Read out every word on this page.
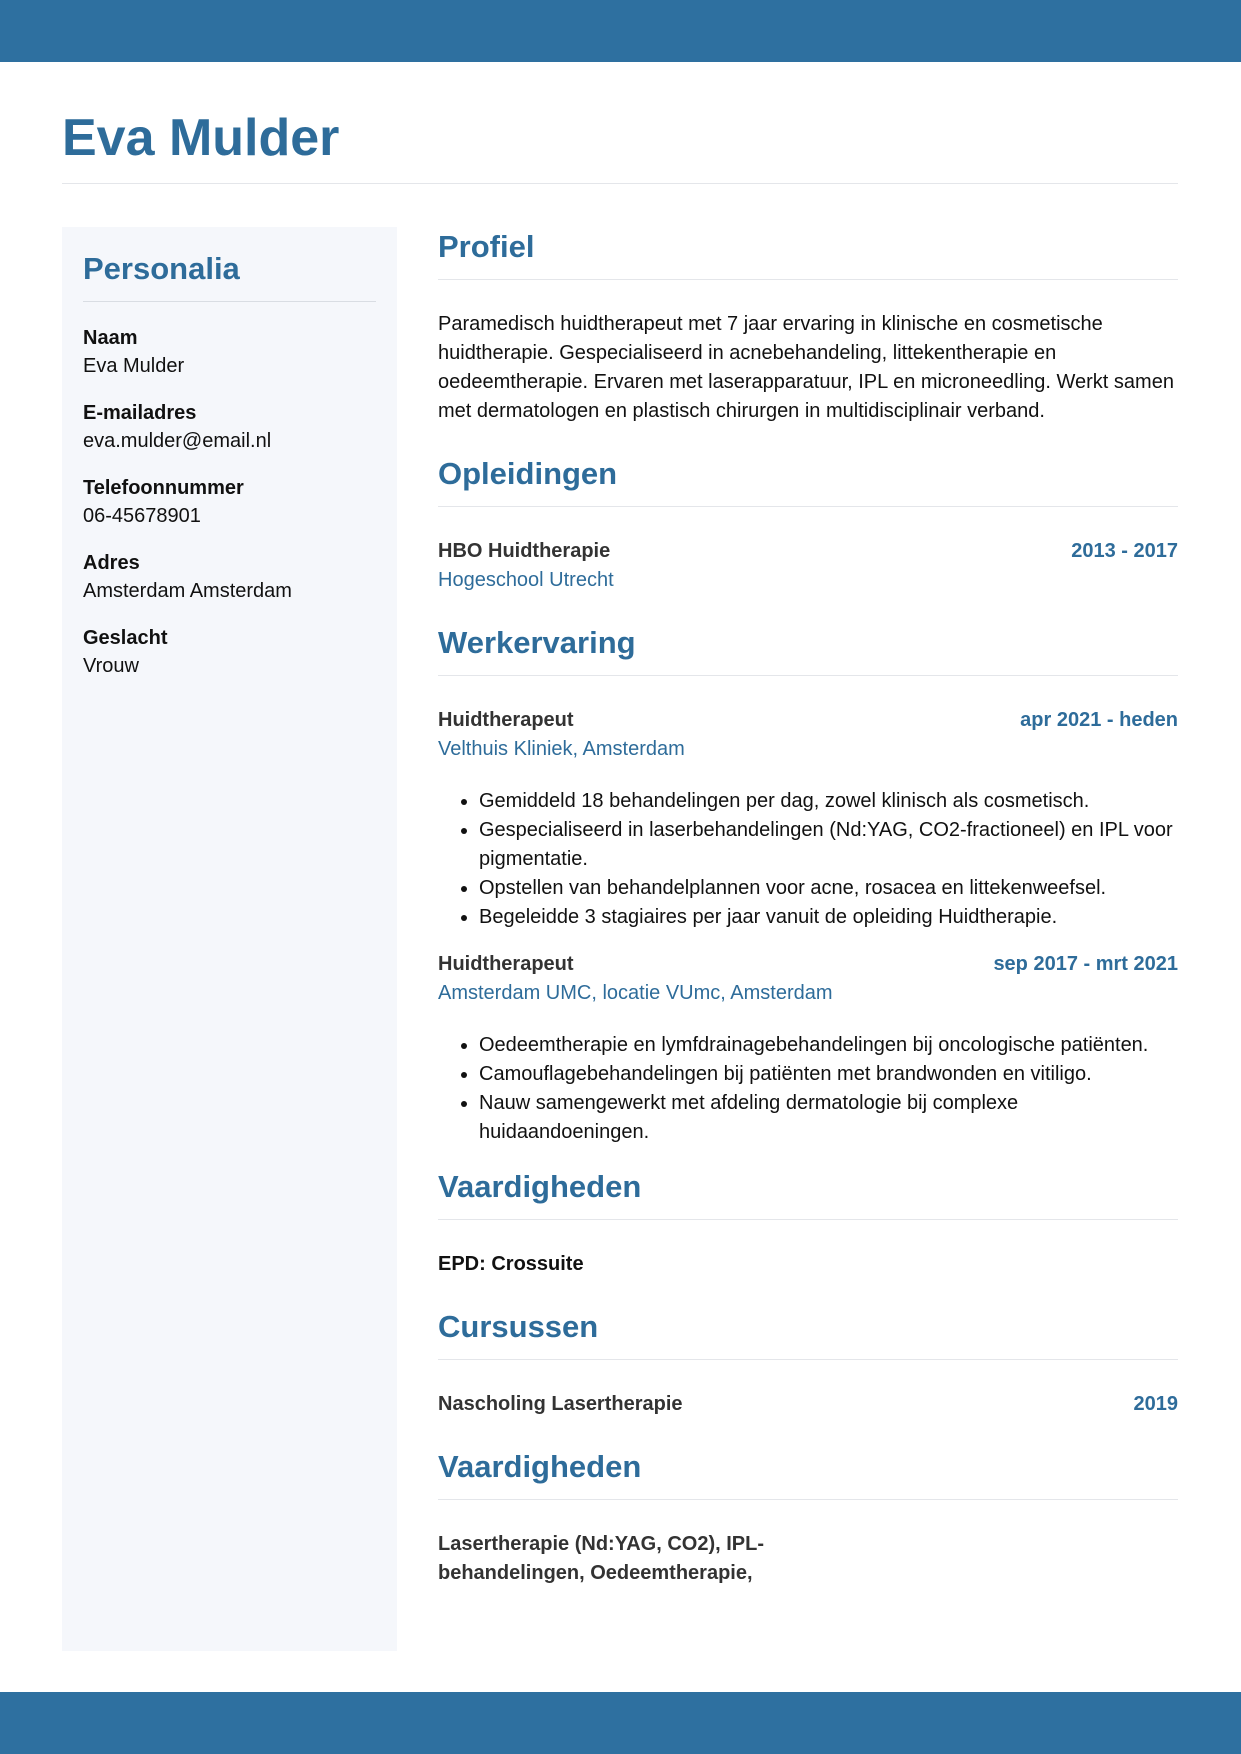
Eva Mulder
Personalia
Naam
Eva Mulder
E-mailadres
eva.mulder@email.nl
Telefoonnummer
06-45678901
Adres
Amsterdam Amsterdam
Geslacht
Vrouw
Profiel

Paramedisch huidtherapeut met 7 jaar ervaring in klinische en cosmetische huidtherapie. Gespecialiseerd in acnebehandeling, littekentherapie en oedeemtherapie. Ervaren met laserapparatuur, IPL en microneedling. Werkt samen met dermatologen en plastisch chirurgen in multidisciplinair verband.

Opleidingen
HBO Huidtherapie	2013 - 2017
Hogeschool Utrecht
Werkervaring
Huidtherapeut	apr 2021 - heden
Velthuis Kliniek, Amsterdam
• Gemiddeld 18 behandelingen per dag, zowel klinisch als cosmetisch.
• Gespecialiseerd in laserbehandelingen (Nd:YAG, CO2-fractioneel) en IPL voor pigmentatie.
• Opstellen van behandelplannen voor acne, rosacea en littekenweefsel.
• Begeleidde 3 stagiaires per jaar vanuit de opleiding Huidtherapie.
Huidtherapeut	sep 2017 - mrt 2021
Amsterdam UMC, locatie VUmc, Amsterdam
• Oedeemtherapie en lymfdrainagebehandelingen bij oncologische patiënten.
• Camouflagebehandelingen bij patiënten met brandwonden en vitiligo.
• Nauw samengewerkt met afdeling dermatologie bij complexe huidaandoeningen.
Vaardigheden
EPD: Crossuite
Cursussen
Nascholing Lasertherapie	2019
Vaardigheden
Lasertherapie (Nd:YAG, CO2), IPL-behandelingen, Oedeemtherapie,
